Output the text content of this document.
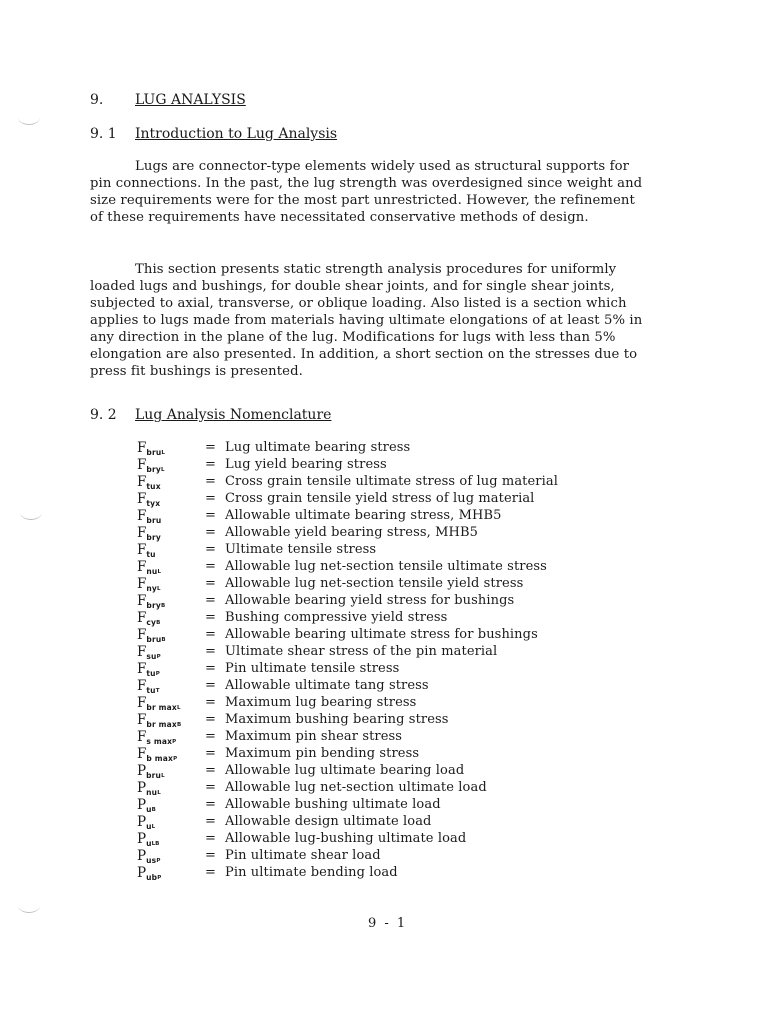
9. LUG ANALYSIS
9. 1 Introduction to Lug Analysis

Lugs are connector-type elements widely used as structural supports for pin connections. In the past, the lug strength was overdesigned since weight and size requirements were for the most part unrestricted. However, the refinement of these requirements have necessitated conservative methods of design.

This section presents static strength analysis procedures for uniformly loaded lugs and bushings, for double shear joints, and for single shear joints, subjected to axial, transverse, or oblique loading. Also listed is a section which applies to lugs made from materials having ultimate elongations of at least 5% in any direction in the plane of the lug. Modifications for lugs with less than 5% elongation are also presented. In addition, a short section on the stresses due to press fit bushings is presented.

9. 2 Lug Analysis Nomenclature
$F_{bru}L$	= Lug ultimate bearing stress
$F_{bry}L$	= Lug yield bearing stress
$F_{tux}$	= Cross grain tensile ultimate stress of lug material
$F_{tyx}$	= Cross grain tensile yield stress of lug material
$F_{bru}$	= Allowable ultimate bearing stress, MHB5
$F_{bry}$	= Allowable yield bearing stress, MHB5
$F_{tu}$	= Ultimate tensile stress
$F_{nu}L$	= Allowable lug net-section tensile ultimate stress
$F_{ny}L$	= Allowable lug net-section tensile yield stress
$F_{bry}B$	= Allowable bearing yield stress for bushings
$F_{cy}B$	= Bushing compressive yield stress
$F_{bru}B$	= Allowable bearing ultimate stress for bushings
$F_{su}P$	= Ultimate shear stress of the pin material
$F_{tu}P$	= Pin ultimate tensile stress
$F_{tu}T$	= Allowable ultimate tang stress
$F_{br max}L$ = Maximum lug bearing stress
$F_{br max}B$ = Maximum bushing bearing stress
$F_{s max}P$ = Maximum pin shear stress
$F_{b max}P$ = Maximum pin bending stress
$P_{bru}L$	= Allowable lug ultimate bearing load
$P_{nu}L$	= Allowable lug net-section ultimate load
$P_uB$	= Allowable bushing ultimate load
$P_uL$	= Allowable design ultimate load
$P_uLB$	= Allowable lug-bushing ultimate load
$P_{us}P$	= Pin ultimate shear load
$P_{ub}P$	= Pin ultimate bending load
9 - 1
